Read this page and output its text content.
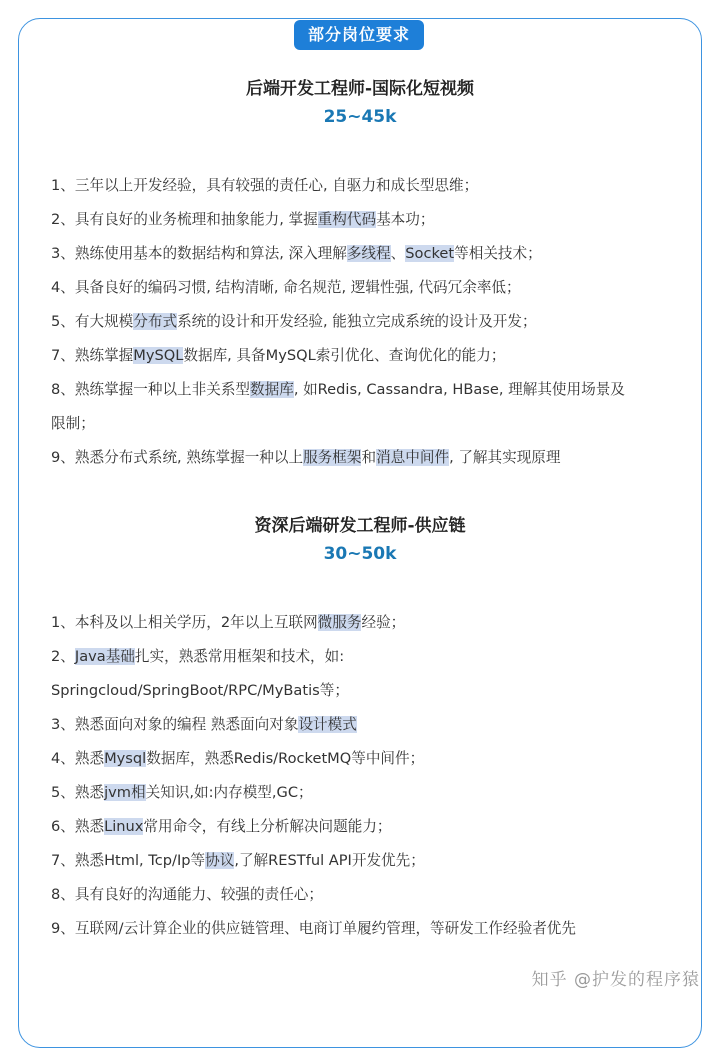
部分岗位要求
后端开发工程师-国际化短视频
25~45k
1、三年以上开发经验，具有较强的责任心, 自驱力和成长型思维；
2、具有良好的业务梳理和抽象能力, 掌握重构代码基本功；
3、熟练使用基本的数据结构和算法, 深入理解多线程、Socket等相关技术；
4、具备良好的编码习惯, 结构清晰, 命名规范, 逻辑性强, 代码冗余率低；
5、有大规模分布式系统的设计和开发经验, 能独立完成系统的设计及开发；
7、熟练掌握MySQL数据库, 具备MySQL索引优化、查询优化的能力；
8、熟练掌握一种以上非关系型数据库, 如Redis, Cassandra, HBase, 理解其使用场景及
限制；
9、熟悉分布式系统, 熟练掌握一种以上服务框架和消息中间件, 了解其实现原理
资深后端研发工程师-供应链
30~50k
1、本科及以上相关学历，2年以上互联网微服务经验；
2、Java基础扎实，熟悉常用框架和技术，如:
Springcloud/SpringBoot/RPC/MyBatis等；
3、熟悉面向对象的编程 熟悉面向对象设计模式
4、熟悉Mysql数据库，熟悉Redis/RocketMQ等中间件；
5、熟悉jvm相关知识,如:内存模型,GC；
6、熟悉Linux常用命令，有线上分析解决问题能力；
7、熟悉Html, Tcp/Ip等协议,了解RESTful API开发优先；
8、具有良好的沟通能力、较强的责任心；
9、互联网/云计算企业的供应链管理、电商订单履约管理，等研发工作经验者优先
知乎 @护发的程序猿
